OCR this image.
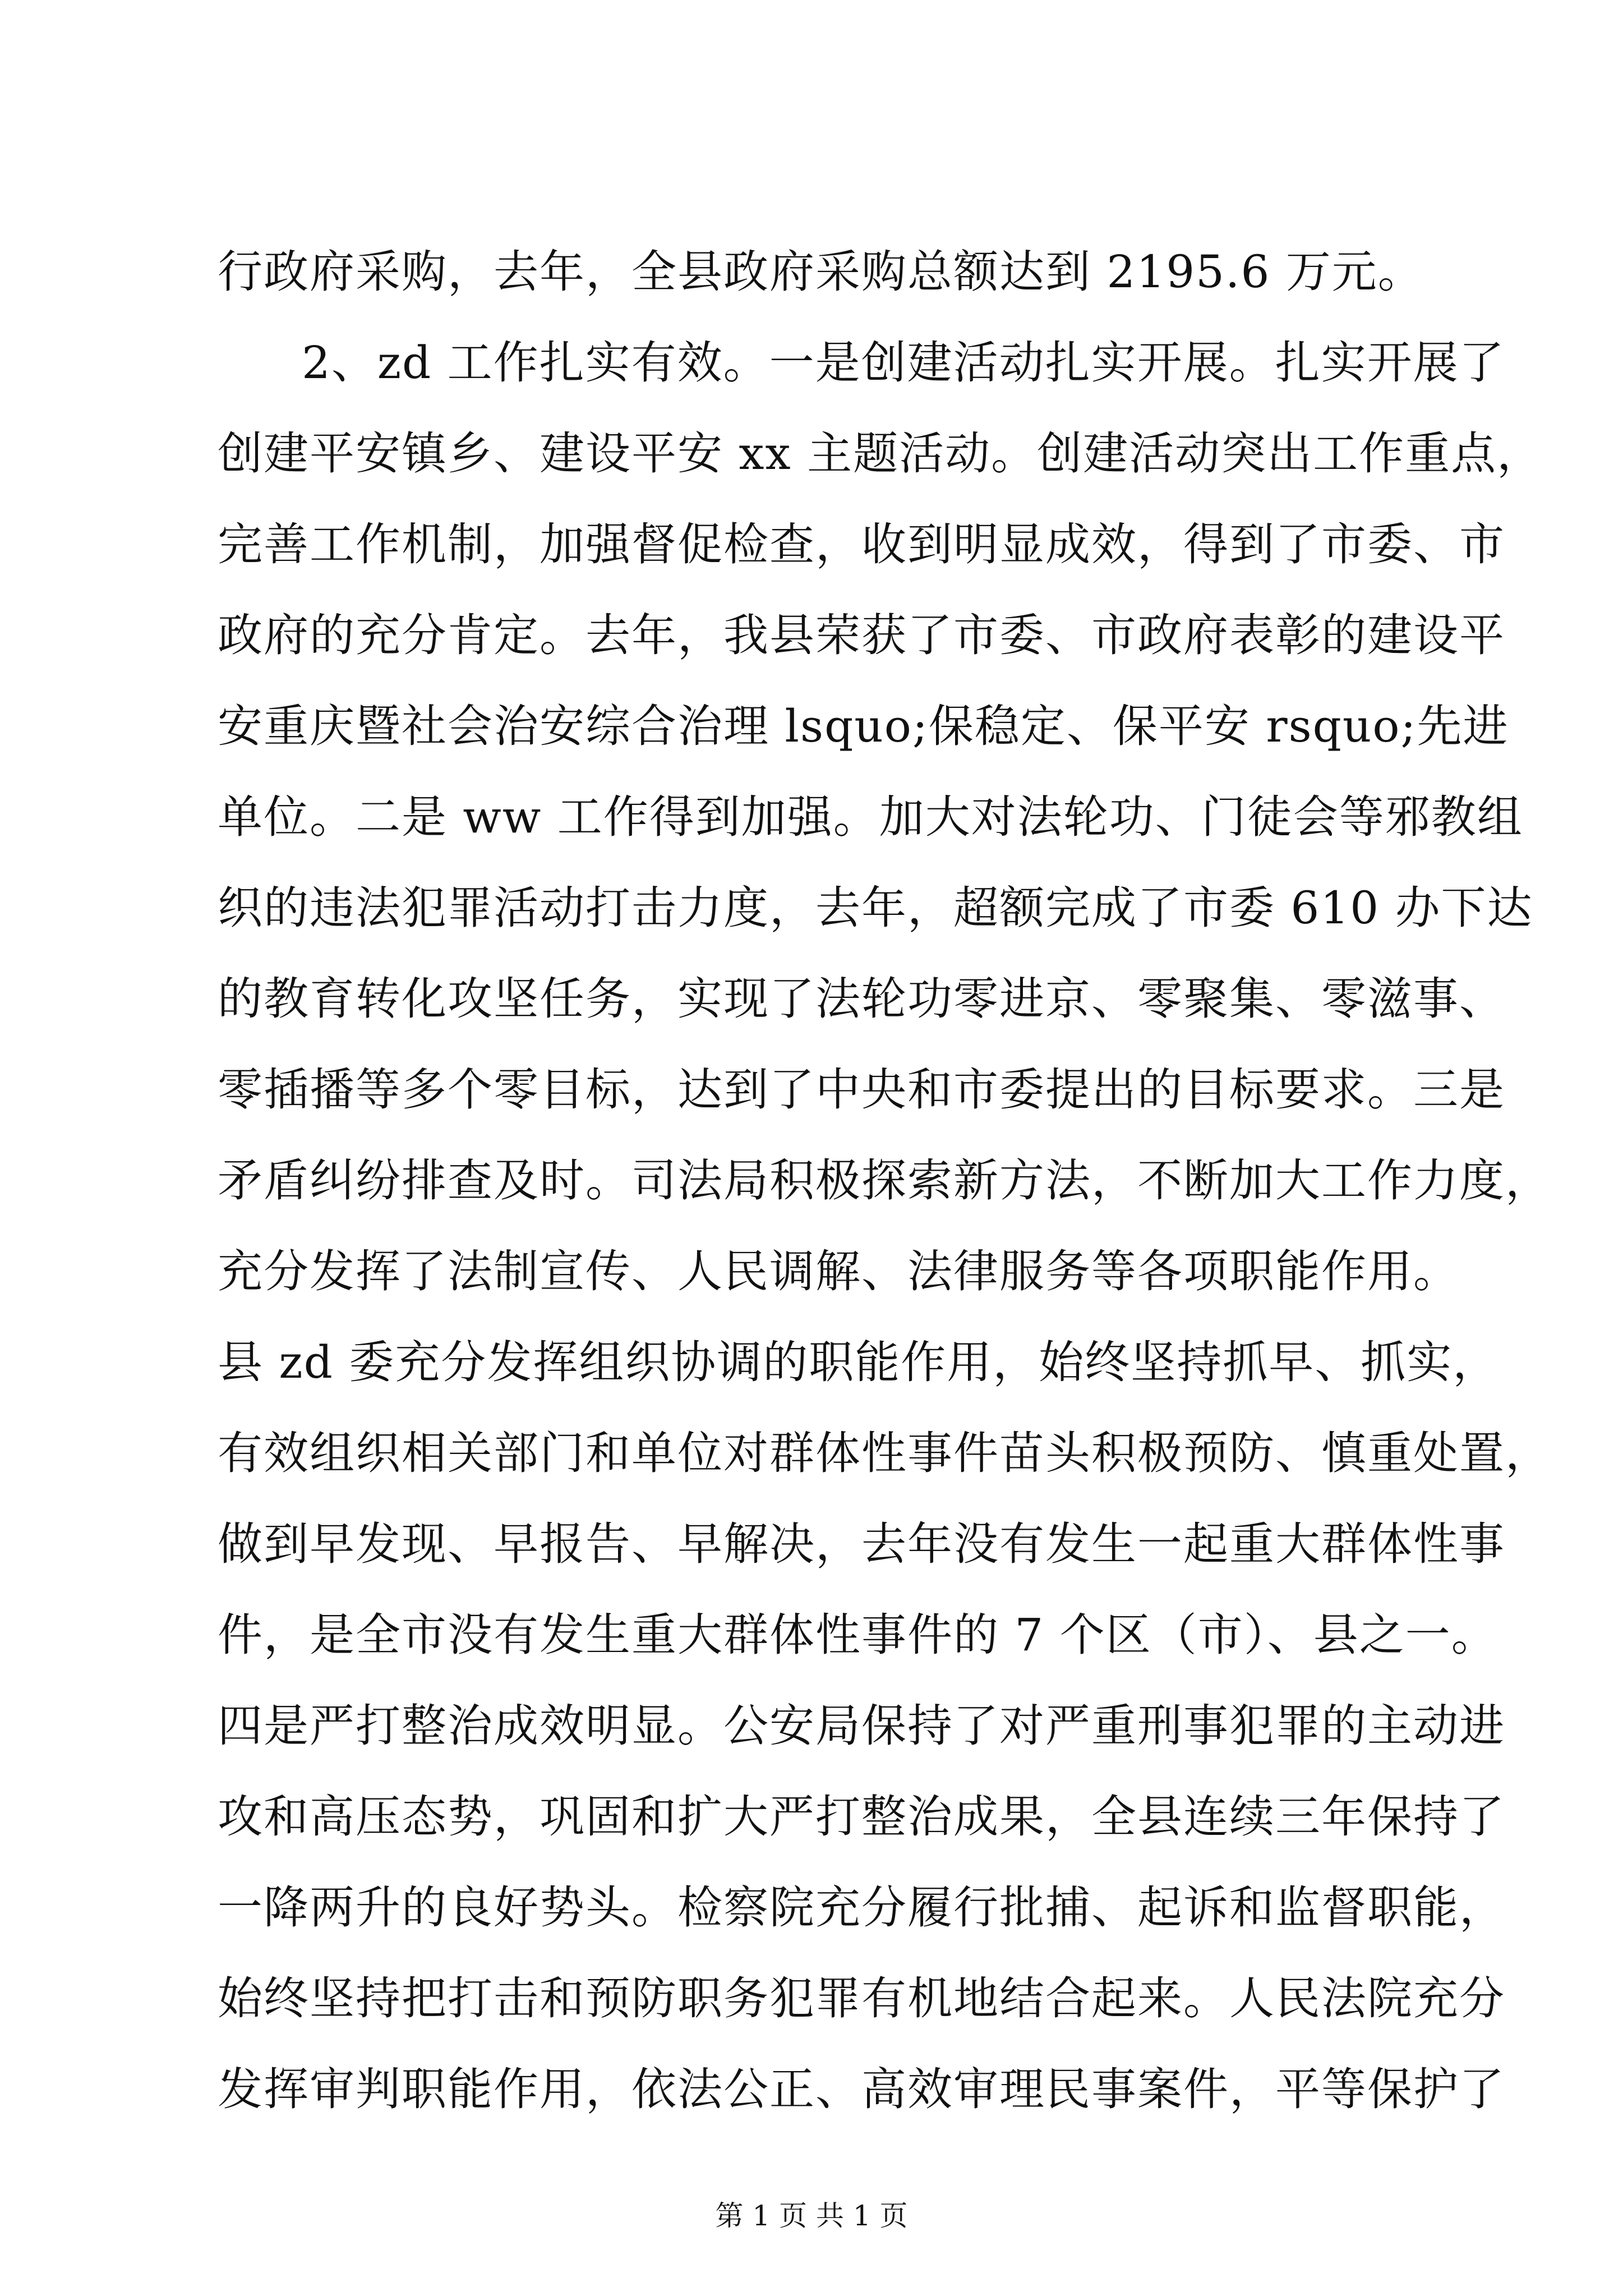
行政府采购，去年，全县政府采购总额达到 2195.6 万元。
2、zd 工作扎实有效。一是创建活动扎实开展。扎实开展了
创建平安镇乡、建设平安 xx 主题活动。创建活动突出工作重点，
完善工作机制，加强督促检查，收到明显成效，得到了市委、市
政府的充分肯定。去年，我县荣获了市委、市政府表彰的建设平
安重庆暨社会治安综合治理 lsquo;保稳定、保平安 rsquo;先进
单位。二是 ww 工作得到加强。加大对法轮功、门徒会等邪教组
织的违法犯罪活动打击力度，去年，超额完成了市委 610 办下达
的教育转化攻坚任务，实现了法轮功零进京、零聚集、零滋事、
零插播等多个零目标，达到了中央和市委提出的目标要求。三是
矛盾纠纷排查及时。司法局积极探索新方法，不断加大工作力度，
充分发挥了法制宣传、人民调解、法律服务等各项职能作用。
县 zd 委充分发挥组织协调的职能作用，始终坚持抓早、抓实，
有效组织相关部门和单位对群体性事件苗头积极预防、慎重处置，
做到早发现、早报告、早解决，去年没有发生一起重大群体性事
件，是全市没有发生重大群体性事件的 7 个区（市）、县之一。
四是严打整治成效明显。公安局保持了对严重刑事犯罪的主动进
攻和高压态势，巩固和扩大严打整治成果，全县连续三年保持了
一降两升的良好势头。检察院充分履行批捕、起诉和监督职能，
始终坚持把打击和预防职务犯罪有机地结合起来。人民法院充分
发挥审判职能作用，依法公正、高效审理民事案件，平等保护了
第 1 页 共 1 页
